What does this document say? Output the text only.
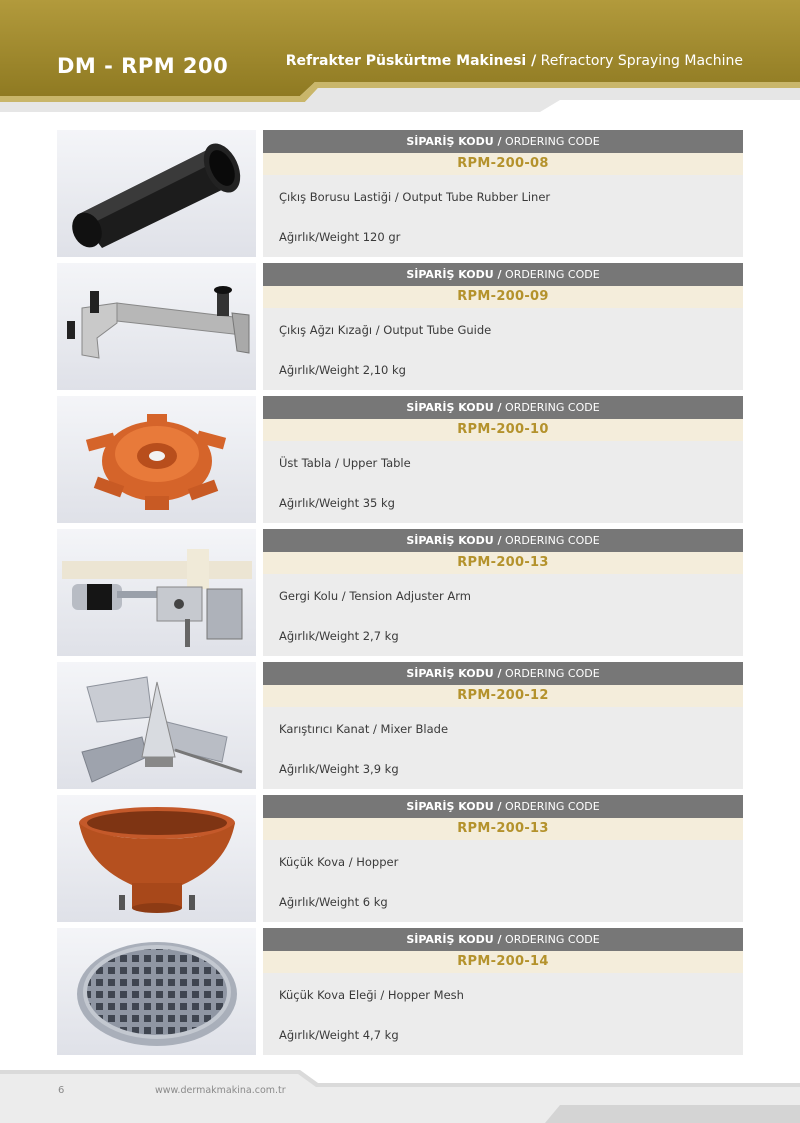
DM - RPM 200	Refrakter Püskürtme Makinesi / Refractory Spraying Machine
SİPARİŞ KODU / ORDERING CODE
RPM-200-08
Çıkış Borusu Lastiği / Output Tube Rubber Liner
Ağırlık/Weight 120 gr
SİPARİŞ KODU / ORDERING CODE
RPM-200-09
Çıkış Ağzı Kızağı / Output Tube Guide
Ağırlık/Weight 2,10 kg
SİPARİŞ KODU / ORDERING CODE
RPM-200-10
Üst Tabla / Upper Table
Ağırlık/Weight 35 kg
SİPARİŞ KODU / ORDERING CODE
RPM-200-13
Gergi Kolu / Tension Adjuster Arm
Ağırlık/Weight 2,7 kg
SİPARİŞ KODU / ORDERING CODE
RPM-200-12
Karıştırıcı Kanat / Mixer Blade
Ağırlık/Weight 3,9 kg
SİPARİŞ KODU / ORDERING CODE
RPM-200-13
Küçük Kova / Hopper
Ağırlık/Weight 6 kg
SİPARİŞ KODU / ORDERING CODE
RPM-200-14
Küçük Kova Eleği / Hopper Mesh
Ağırlık/Weight 4,7 kg
6	www.dermakmakina.com.tr
